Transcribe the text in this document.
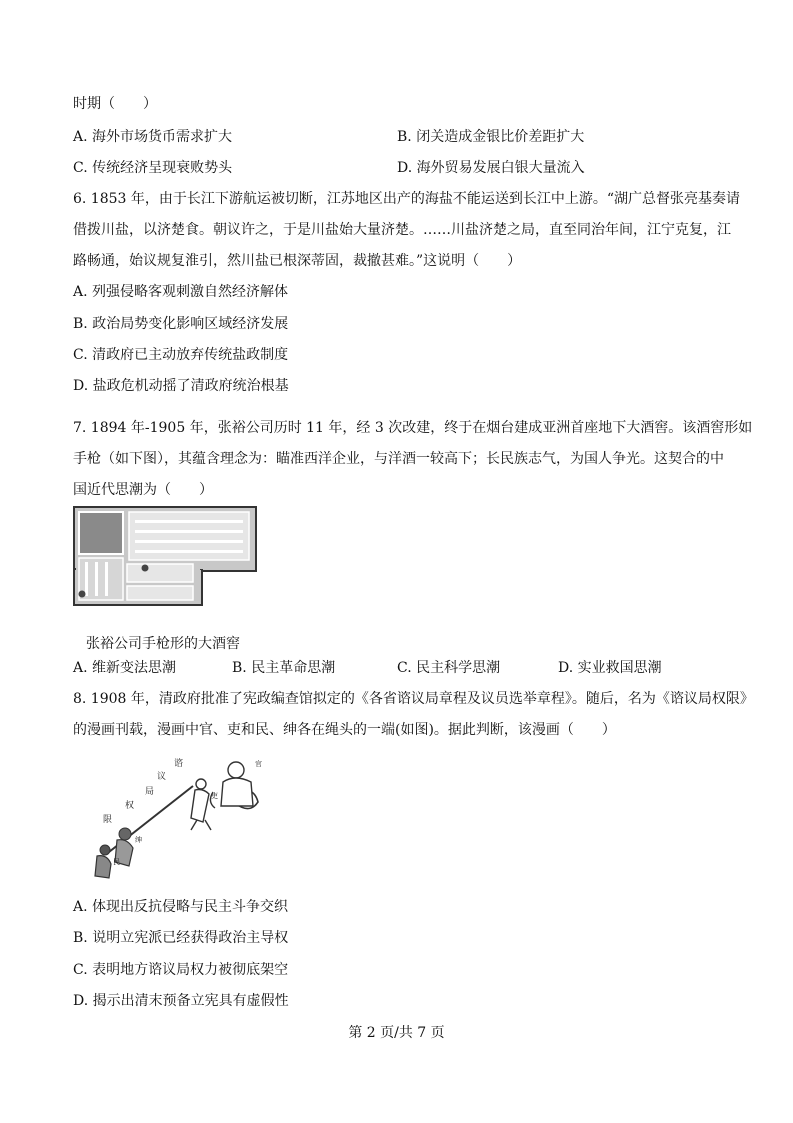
时期（　　）
A. 海外市场货币需求扩大	B. 闭关造成金银比价差距扩大
C. 传统经济呈现衰败势头	D. 海外贸易发展白银大量流入
6. 1853 年，由于长江下游航运被切断，江苏地区出产的海盐不能运送到长江中上游。“湖广总督张亮基奏请
借拨川盐，以济楚食。朝议许之，于是川盐始大量济楚。……川盐济楚之局，直至同治年间，江宁克复，江
路畅通，始议规复淮引，然川盐已根深蒂固，裁撤甚难。”这说明（　　）
A. 列强侵略客观刺激自然经济解体
B. 政治局势变化影响区域经济发展
C. 清政府已主动放弃传统盐政制度
D. 盐政危机动摇了清政府统治根基
7. 1894 年-1905 年，张裕公司历时 11 年，经 3 次改建，终于在烟台建成亚洲首座地下大酒窖。该酒窖形如
手枪（如下图），其蕴含理念为：瞄准西洋企业，与洋酒一较高下；长民族志气，为国人争光。这契合的中
国近代思潮为（　　）
张裕公司手枪形的大酒窖
A. 维新变法思潮	B. 民主革命思潮	C. 民主科学思潮	D. 实业救国思潮
8. 1908 年，清政府批准了宪政编查馆拟定的《各省谘议局章程及议员选举章程》。随后，名为《谘议局权限》
的漫画刊载，漫画中官、吏和民、绅各在绳头的一端(如图)。据此判断，该漫画（　　）
谘
议
局
权
限
官
吏
绅
民
A. 体现出反抗侵略与民主斗争交织
B. 说明立宪派已经获得政治主导权
C. 表明地方谘议局权力被彻底架空
D. 揭示出清末预备立宪具有虚假性
第 2 页/共 7 页
